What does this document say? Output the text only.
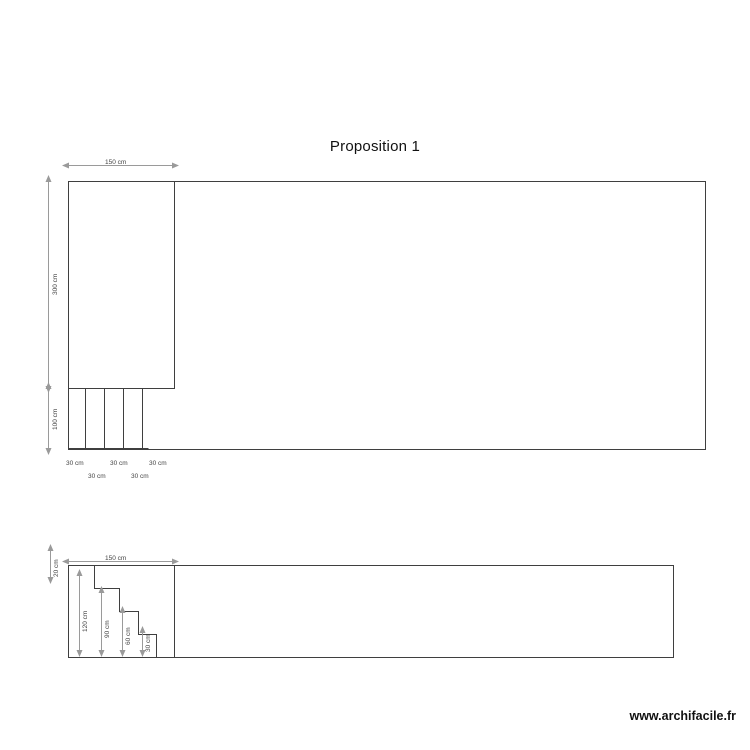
Proposition 1
150 cm
300 cm
100 cm
30 cm
30 cm
30 cm
30 cm
30 cm
20 cm
150 cm
120 cm 90 cm 60 cm 30 cm
www.archifacile.fr
